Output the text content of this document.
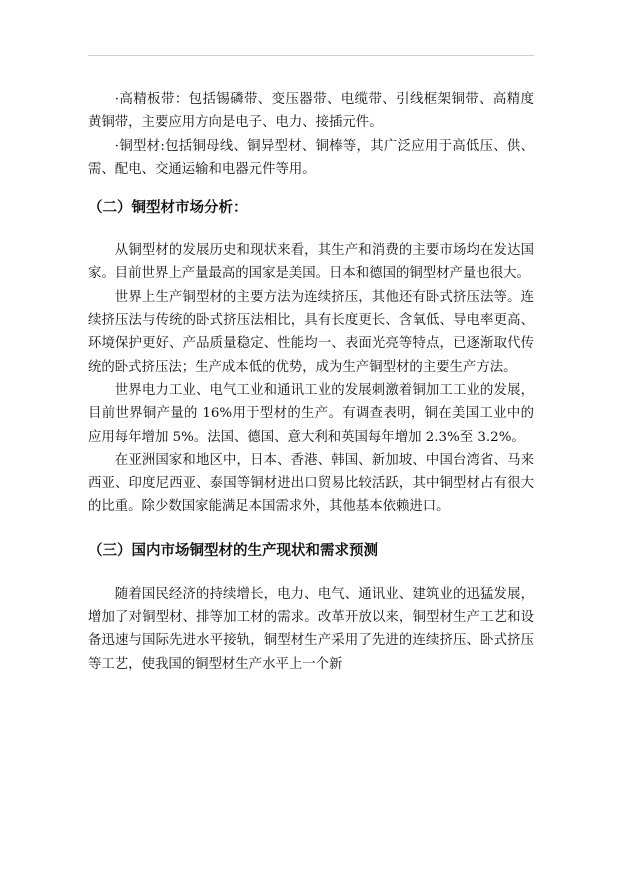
·高精板带：包括锡磷带、变压器带、电缆带、引线框架铜带、高精度黄铜带，主要应用方向是电子、电力、接插元件。

·铜型材:包括铜母线、铜异型材、铜棒等，其广泛应用于高低压、供、需、配电、交通运输和电器元件等用。

（二）铜型材市场分析：

从铜型材的发展历史和现状来看，其生产和消费的主要市场均在发达国家。目前世界上产量最高的国家是美国。日本和德国的铜型材产量也很大。

世界上生产铜型材的主要方法为连续挤压，其他还有卧式挤压法等。连续挤压法与传统的卧式挤压法相比，具有长度更长、含氧低、导电率更高、环境保护更好、产品质量稳定、性能均一、表面光亮等特点，已逐渐取代传统的卧式挤压法；生产成本低的优势，成为生产铜型材的主要生产方法。

世界电力工业、电气工业和通讯工业的发展刺激着铜加工工业的发展，目前世界铜产量的 16%用于型材的生产。有调查表明，铜在美国工业中的应用每年增加 5%。法国、德国、意大利和英国每年增加 2.3%至 3.2%。

在亚洲国家和地区中，日本、香港、韩国、新加坡、中国台湾省、马来西亚、印度尼西亚、泰国等铜材进出口贸易比较活跃，其中铜型材占有很大的比重。除少数国家能满足本国需求外，其他基本依赖进口。

（三）国内市场铜型材的生产现状和需求预测

随着国民经济的持续增长，电力、电气、通讯业、建筑业的迅猛发展，增加了对铜型材、排等加工材的需求。改革开放以来，铜型材生产工艺和设备迅速与国际先进水平接轨，铜型材生产采用了先进的连续挤压、卧式挤压等工艺，使我国的铜型材生产水平上一个新
